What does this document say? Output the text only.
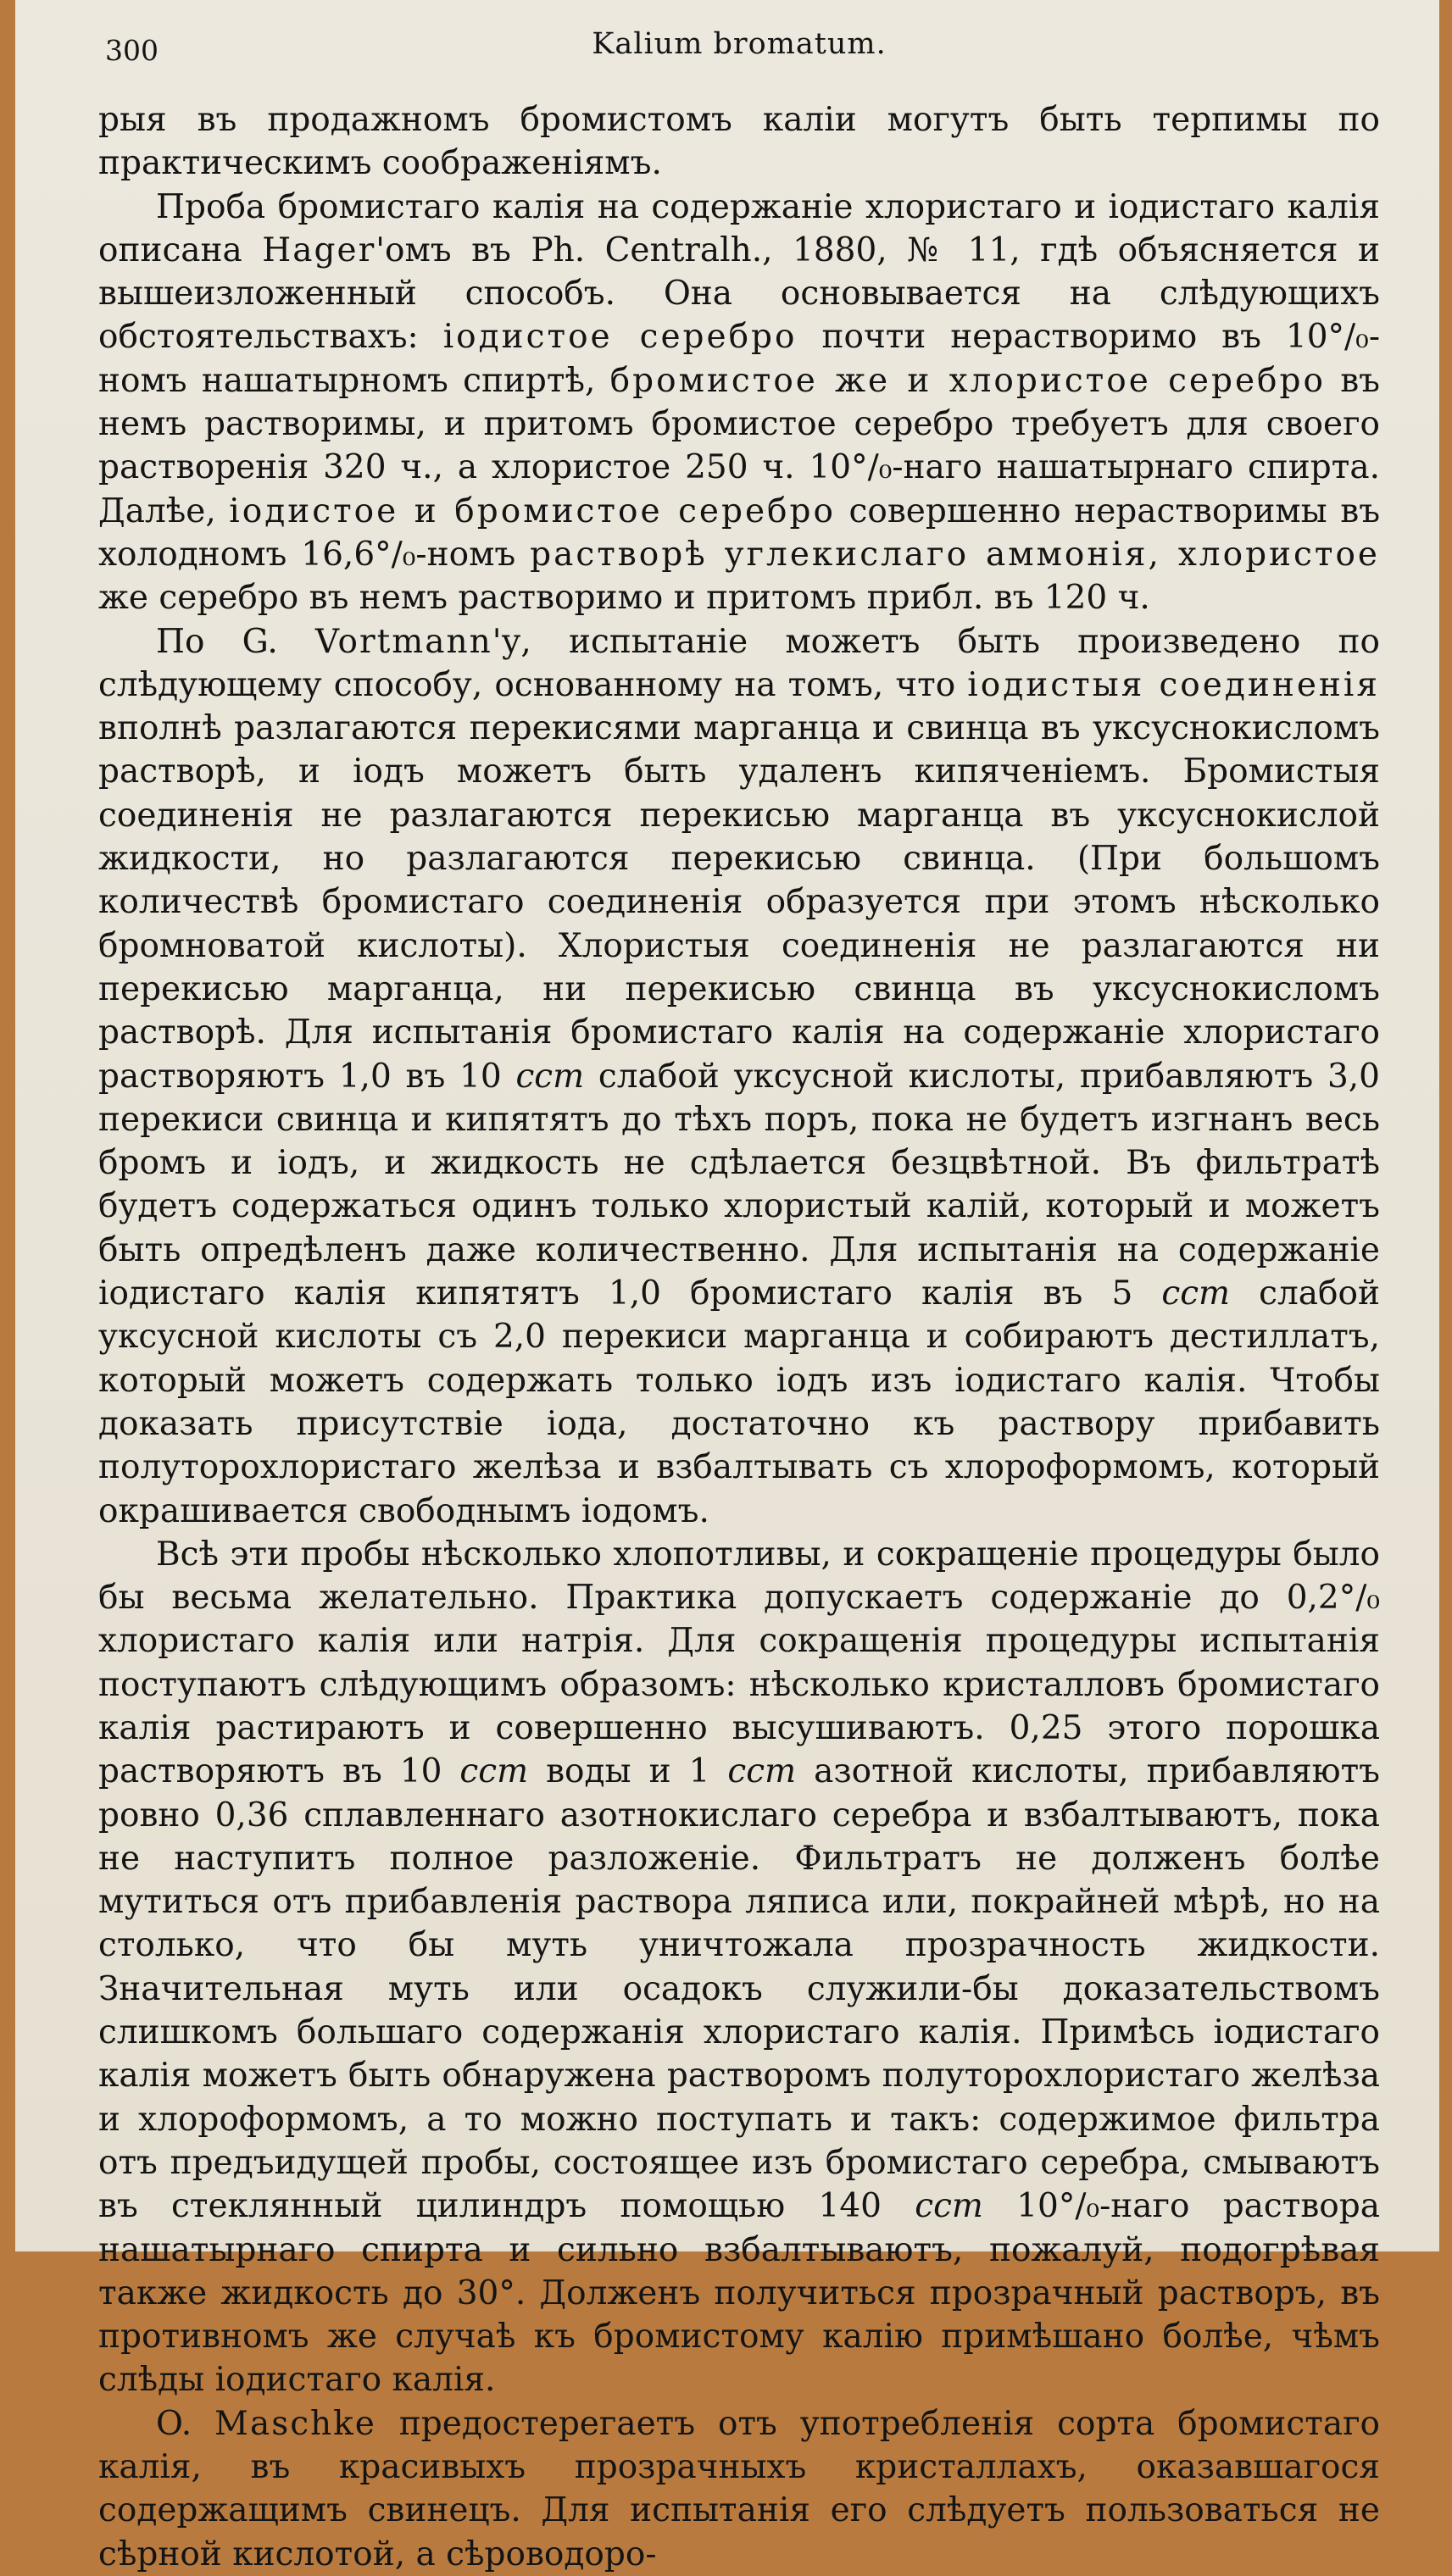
300	Kalium bromatum.

рыя въ продажномъ бромистомъ каліи могутъ быть терпимы по практическимъ соображеніямъ.

Проба бромистаго калія на содержаніе хлористаго и іодистаго калія описана Hager'омъ въ Ph. Centralh., 1880, № 11, гдѣ объясняется и вышеизложенный способъ. Она основывается на слѣдующихъ обстоятельствахъ: іодистое серебро почти нерастворимо въ 10°/₀-номъ нашатырномъ спиртѣ, бромистое же и хлористое серебро въ немъ растворимы, и притомъ бромистое серебро требуетъ для своего растворенія 320 ч., а хлористое 250 ч. 10°/₀-наго нашатырнаго спирта. Далѣе, іодистое и бромистое серебро совершенно нерастворимы въ холодномъ 16,6°/₀-номъ растворѣ углекислаго аммонія, хлористое же серебро въ немъ растворимо и притомъ прибл. въ 120 ч.

По G. Vortmann'у, испытаніе можетъ быть произведено по слѣдующему способу, основанному на томъ, что іодистыя соединенія вполнѣ разлагаются перекисями марганца и свинца въ уксуснокисломъ растворѣ, и іодъ можетъ быть удаленъ кипяченіемъ. Бромистыя соединенія не разлагаются перекисью марганца въ уксуснокислой жидкости, но разлагаются перекисью свинца. (При большомъ количествѣ бромистаго соединенія образуется при этомъ нѣсколько бромноватой кислоты). Хлористыя соединенія не разлагаются ни перекисью марганца, ни перекисью свинца въ уксуснокисломъ растворѣ. Для испытанія бромистаго калія на содержаніе хлористаго растворяютъ 1,0 въ 10 ccm слабой уксусной кислоты, прибавляютъ 3,0 перекиси свинца и кипятятъ до тѣхъ поръ, пока не будетъ изгнанъ весь бромъ и іодъ, и жидкость не сдѣлается безцвѣтной. Въ фильтратѣ будетъ содержаться одинъ только хлористый калій, который и можетъ быть опредѣленъ даже количественно. Для испытанія на содержаніе іодистаго калія кипятятъ 1,0 бромистаго калія въ 5 ccm слабой уксусной кислоты съ 2,0 перекиси марганца и собираютъ дестиллатъ, который можетъ содержать только іодъ изъ іодистаго калія. Чтобы доказать присутствіе іода, достаточно къ раствору прибавить полуторохлористаго желѣза и взбалтывать съ хлороформомъ, который окрашивается свободнымъ іодомъ.

Всѣ эти пробы нѣсколько хлопотливы, и сокращеніе процедуры было бы весьма желательно. Практика допускаетъ содержаніе до 0,2°/₀ хлористаго калія или натрія. Для сокращенія процедуры испытанія поступаютъ слѣдующимъ образомъ: нѣсколько кристалловъ бромистаго калія растираютъ и совершенно высушиваютъ. 0,25 этого порошка растворяютъ въ 10 ccm воды и 1 ccm азотной кислоты, прибавляютъ ровно 0,36 сплавленнаго азотнокислаго серебра и взбалтываютъ, пока не наступитъ полное разложеніе. Фильтратъ не долженъ болѣе мутиться отъ прибавленія раствора ляписа или, покрайней мѣрѣ, но на столько, что бы муть уничтожала прозрачность жидкости. Значительная муть или осадокъ служили-бы доказательствомъ слишкомъ большаго содержанія хлористаго калія. Примѣсь іодистаго калія можетъ быть обнаружена растворомъ полуторохлористаго желѣза и хлороформомъ, а то можно поступать и такъ: содержимое фильтра отъ предъидущей пробы, состоящее изъ бромистаго серебра, смываютъ въ стеклянный цилиндръ помощью 140 ccm 10°/₀-наго раствора нашатырнаго спирта и сильно взбалтываютъ, пожалуй, подогрѣвая также жидкость до 30°. Долженъ получиться прозрачный растворъ, въ противномъ же случаѣ къ бромистому калію примѣшано болѣе, чѣмъ слѣды іодистаго калія.

O. Maschke предостерегаетъ отъ употребленія сорта бромистаго калія, въ красивыхъ прозрачныхъ кристаллахъ, оказавшагося содержащимъ свинецъ. Для испытанія его слѣдуетъ пользоваться не сѣрной кислотой, а сѣроводоро-
